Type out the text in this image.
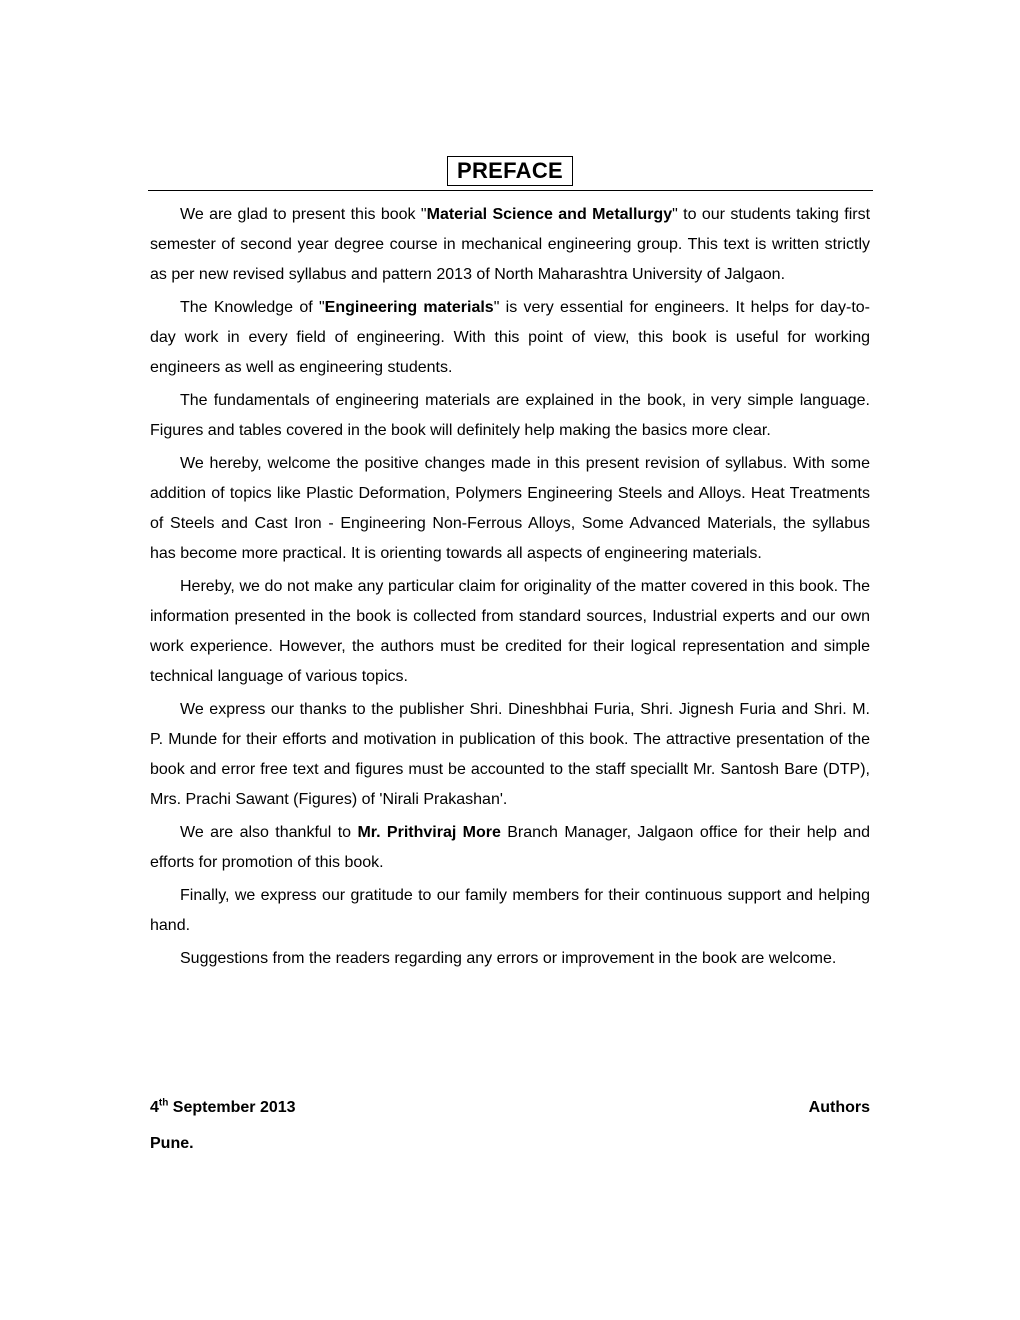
PREFACE

We are glad to present this book "Material Science and Metallurgy" to our students taking first semester of second year degree course in mechanical engineering group. This text is written strictly as per new revised syllabus and pattern 2013 of North Maharashtra University of Jalgaon.

The Knowledge of "Engineering materials" is very essential for engineers. It helps for day-to-day work in every field of engineering. With this point of view, this book is useful for working engineers as well as engineering students.

The fundamentals of engineering materials are explained in the book, in very simple language. Figures and tables covered in the book will definitely help making the basics more clear.

We hereby, welcome the positive changes made in this present revision of syllabus. With some addition of topics like Plastic Deformation, Polymers Engineering Steels and Alloys. Heat Treatments of Steels and Cast Iron - Engineering Non-Ferrous Alloys, Some Advanced Materials, the syllabus has become more practical. It is orienting towards all aspects of engineering materials.

Hereby, we do not make any particular claim for originality of the matter covered in this book. The information presented in the book is collected from standard sources, Industrial experts and our own work experience. However, the authors must be credited for their logical representation and simple technical language of various topics.

We express our thanks to the publisher Shri. Dineshbhai Furia, Shri. Jignesh Furia and Shri. M. P. Munde for their efforts and motivation in publication of this book. The attractive presentation of the book and error free text and figures must be accounted to the staff speciallt Mr. Santosh Bare (DTP), Mrs. Prachi Sawant (Figures) of 'Nirali Prakashan'.

We are also thankful to Mr. Prithviraj More Branch Manager, Jalgaon office for their help and efforts for promotion of this book.

Finally, we express our gratitude to our family members for their continuous support and helping hand.

Suggestions from the readers regarding any errors or improvement in the book are welcome.

4th September 2013	Authors
Pune.
